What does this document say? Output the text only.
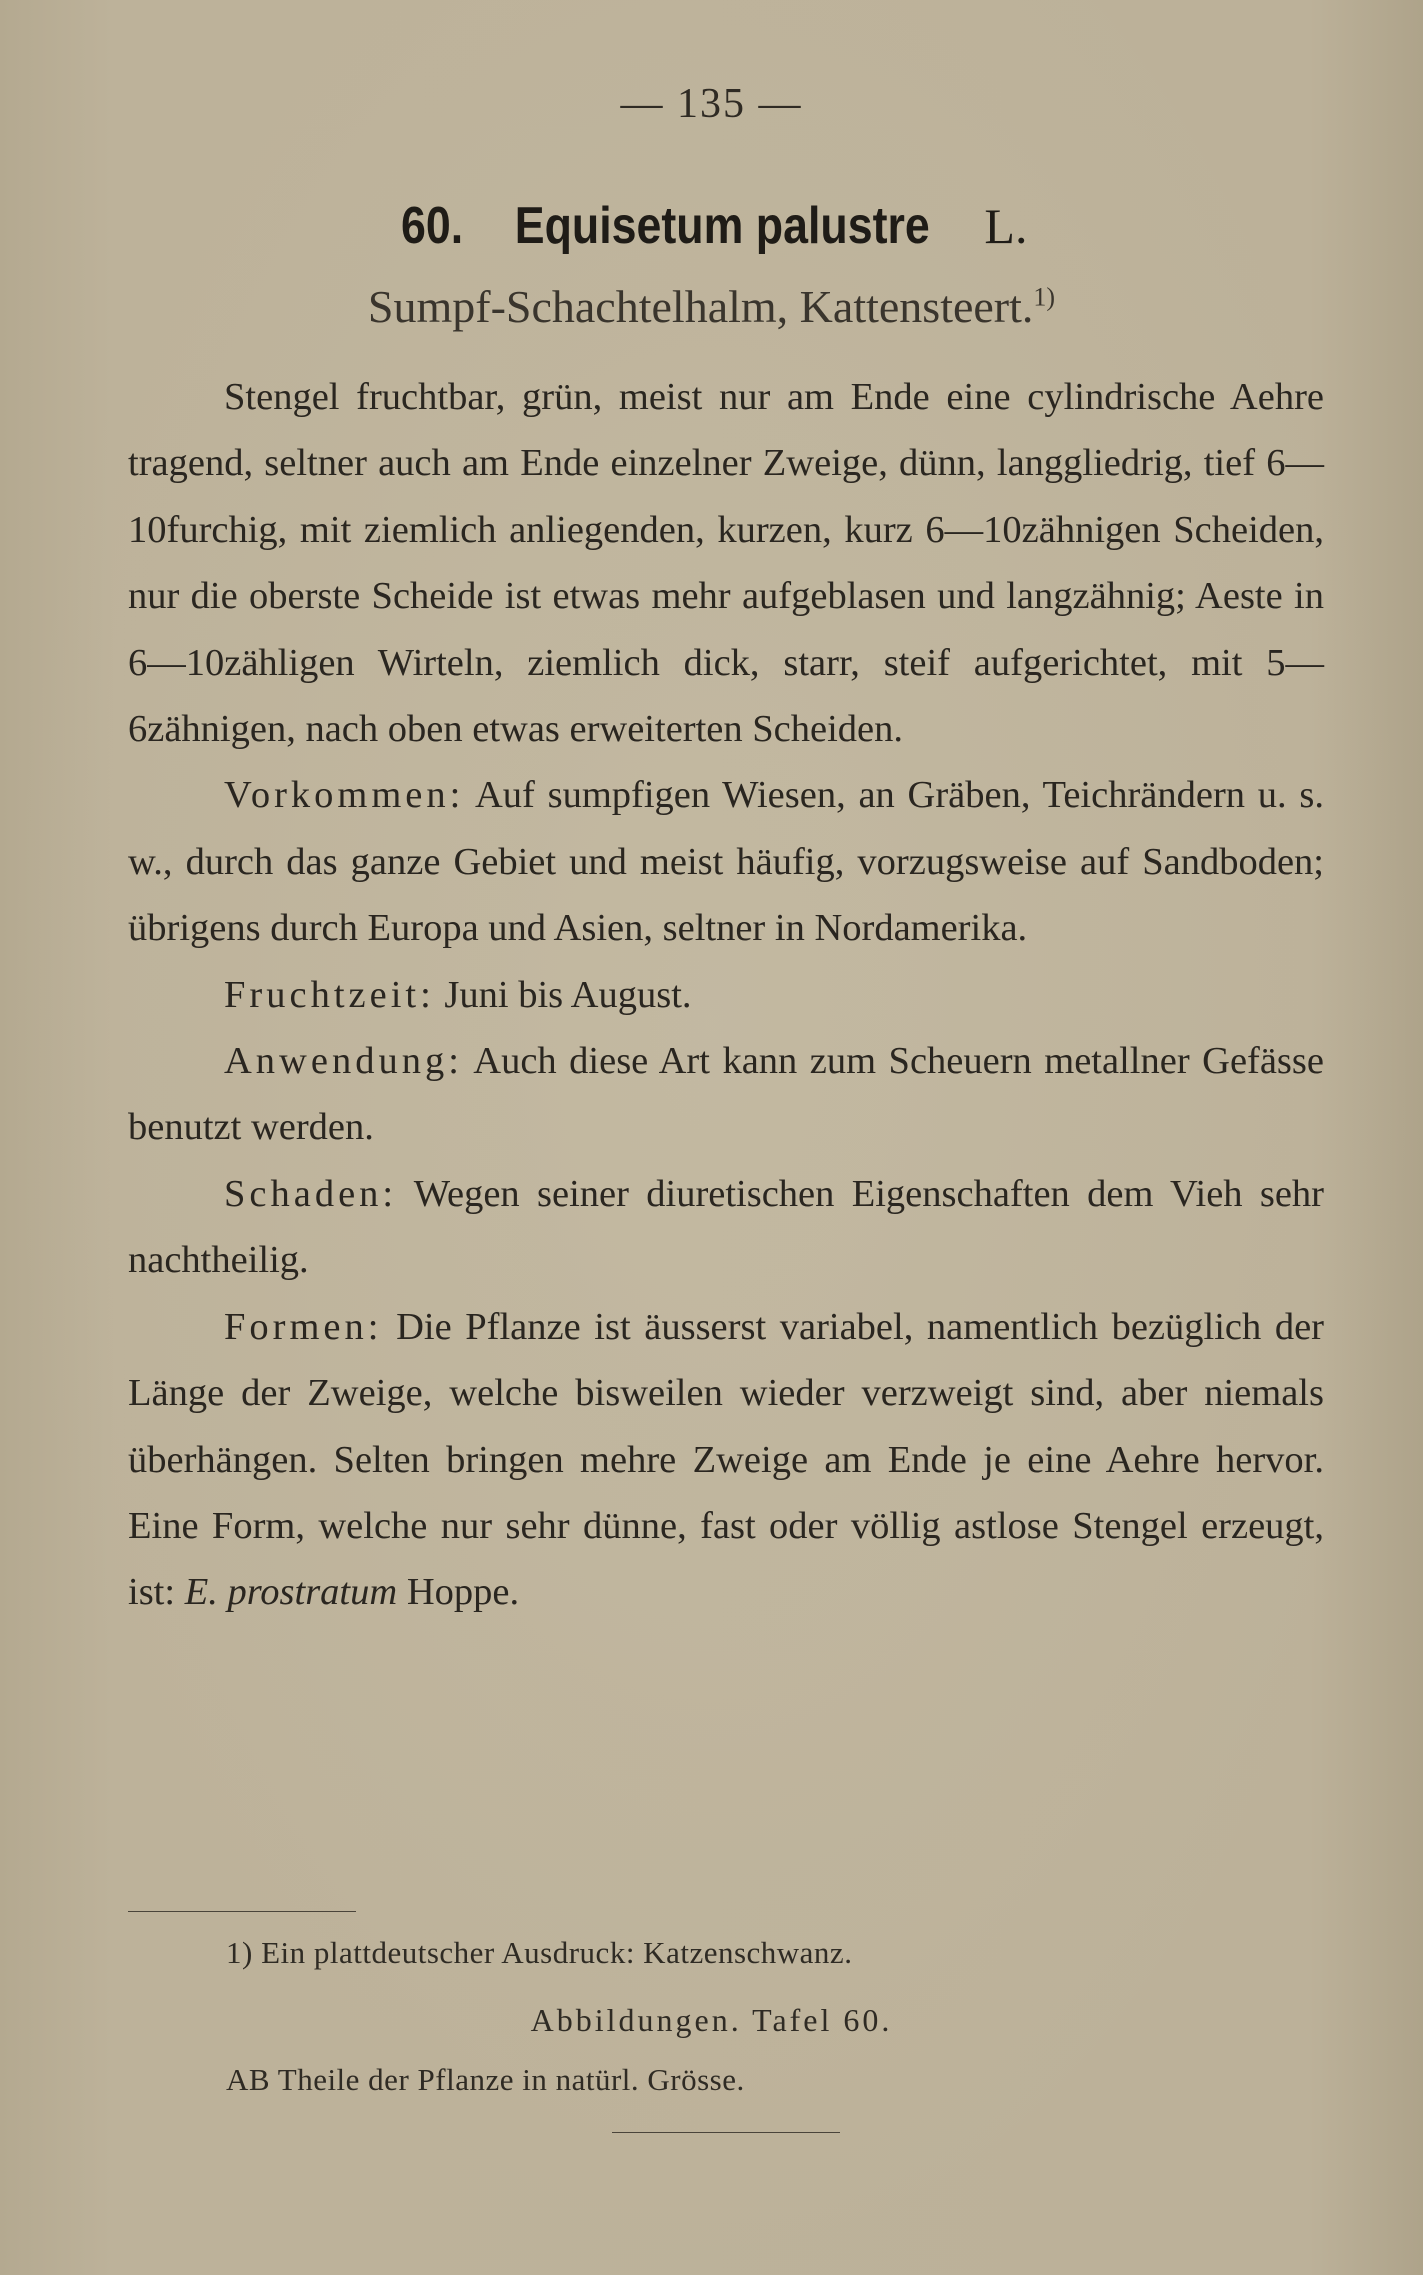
— 135 —
60. Equisetum palustre L.
Sumpf-Schachtelhalm, Kattensteert.$^{1)}$

Stengel fruchtbar, grün, meist nur am Ende eine cylindrische Aehre tragend, seltner auch am Ende einzelner Zweige, dünn, langgliedrig, tief 6—10furchig, mit ziemlich anliegenden, kurzen, kurz 6—10zähnigen Scheiden, nur die oberste Scheide ist etwas mehr aufgeblasen und langzähnig; Aeste in 6—10zähligen Wirteln, ziemlich dick, starr, steif aufgerichtet, mit 5—6zähnigen, nach oben etwas erweiterten Scheiden.

Vorkommen: Auf sumpfigen Wiesen, an Gräben, Teichrändern u. s. w., durch das ganze Gebiet und meist häufig, vorzugsweise auf Sandboden; übrigens durch Europa und Asien, seltner in Nordamerika.

Fruchtzeit: Juni bis August.

Anwendung: Auch diese Art kann zum Scheuern metallner Gefässe benutzt werden.

Schaden: Wegen seiner diuretischen Eigenschaften dem Vieh sehr nachtheilig.

Formen: Die Pflanze ist äusserst variabel, namentlich bezüglich der Länge der Zweige, welche bisweilen wieder verzweigt sind, aber niemals überhängen. Selten bringen mehre Zweige am Ende je eine Aehre hervor. Eine Form, welche nur sehr dünne, fast oder völlig astlose Stengel erzeugt, ist: E. prostratum Hoppe.

1) Ein plattdeutscher Ausdruck: Katzenschwanz.
Abbildungen. Tafel 60.
AB Theile der Pflanze in natürl. Grösse.
